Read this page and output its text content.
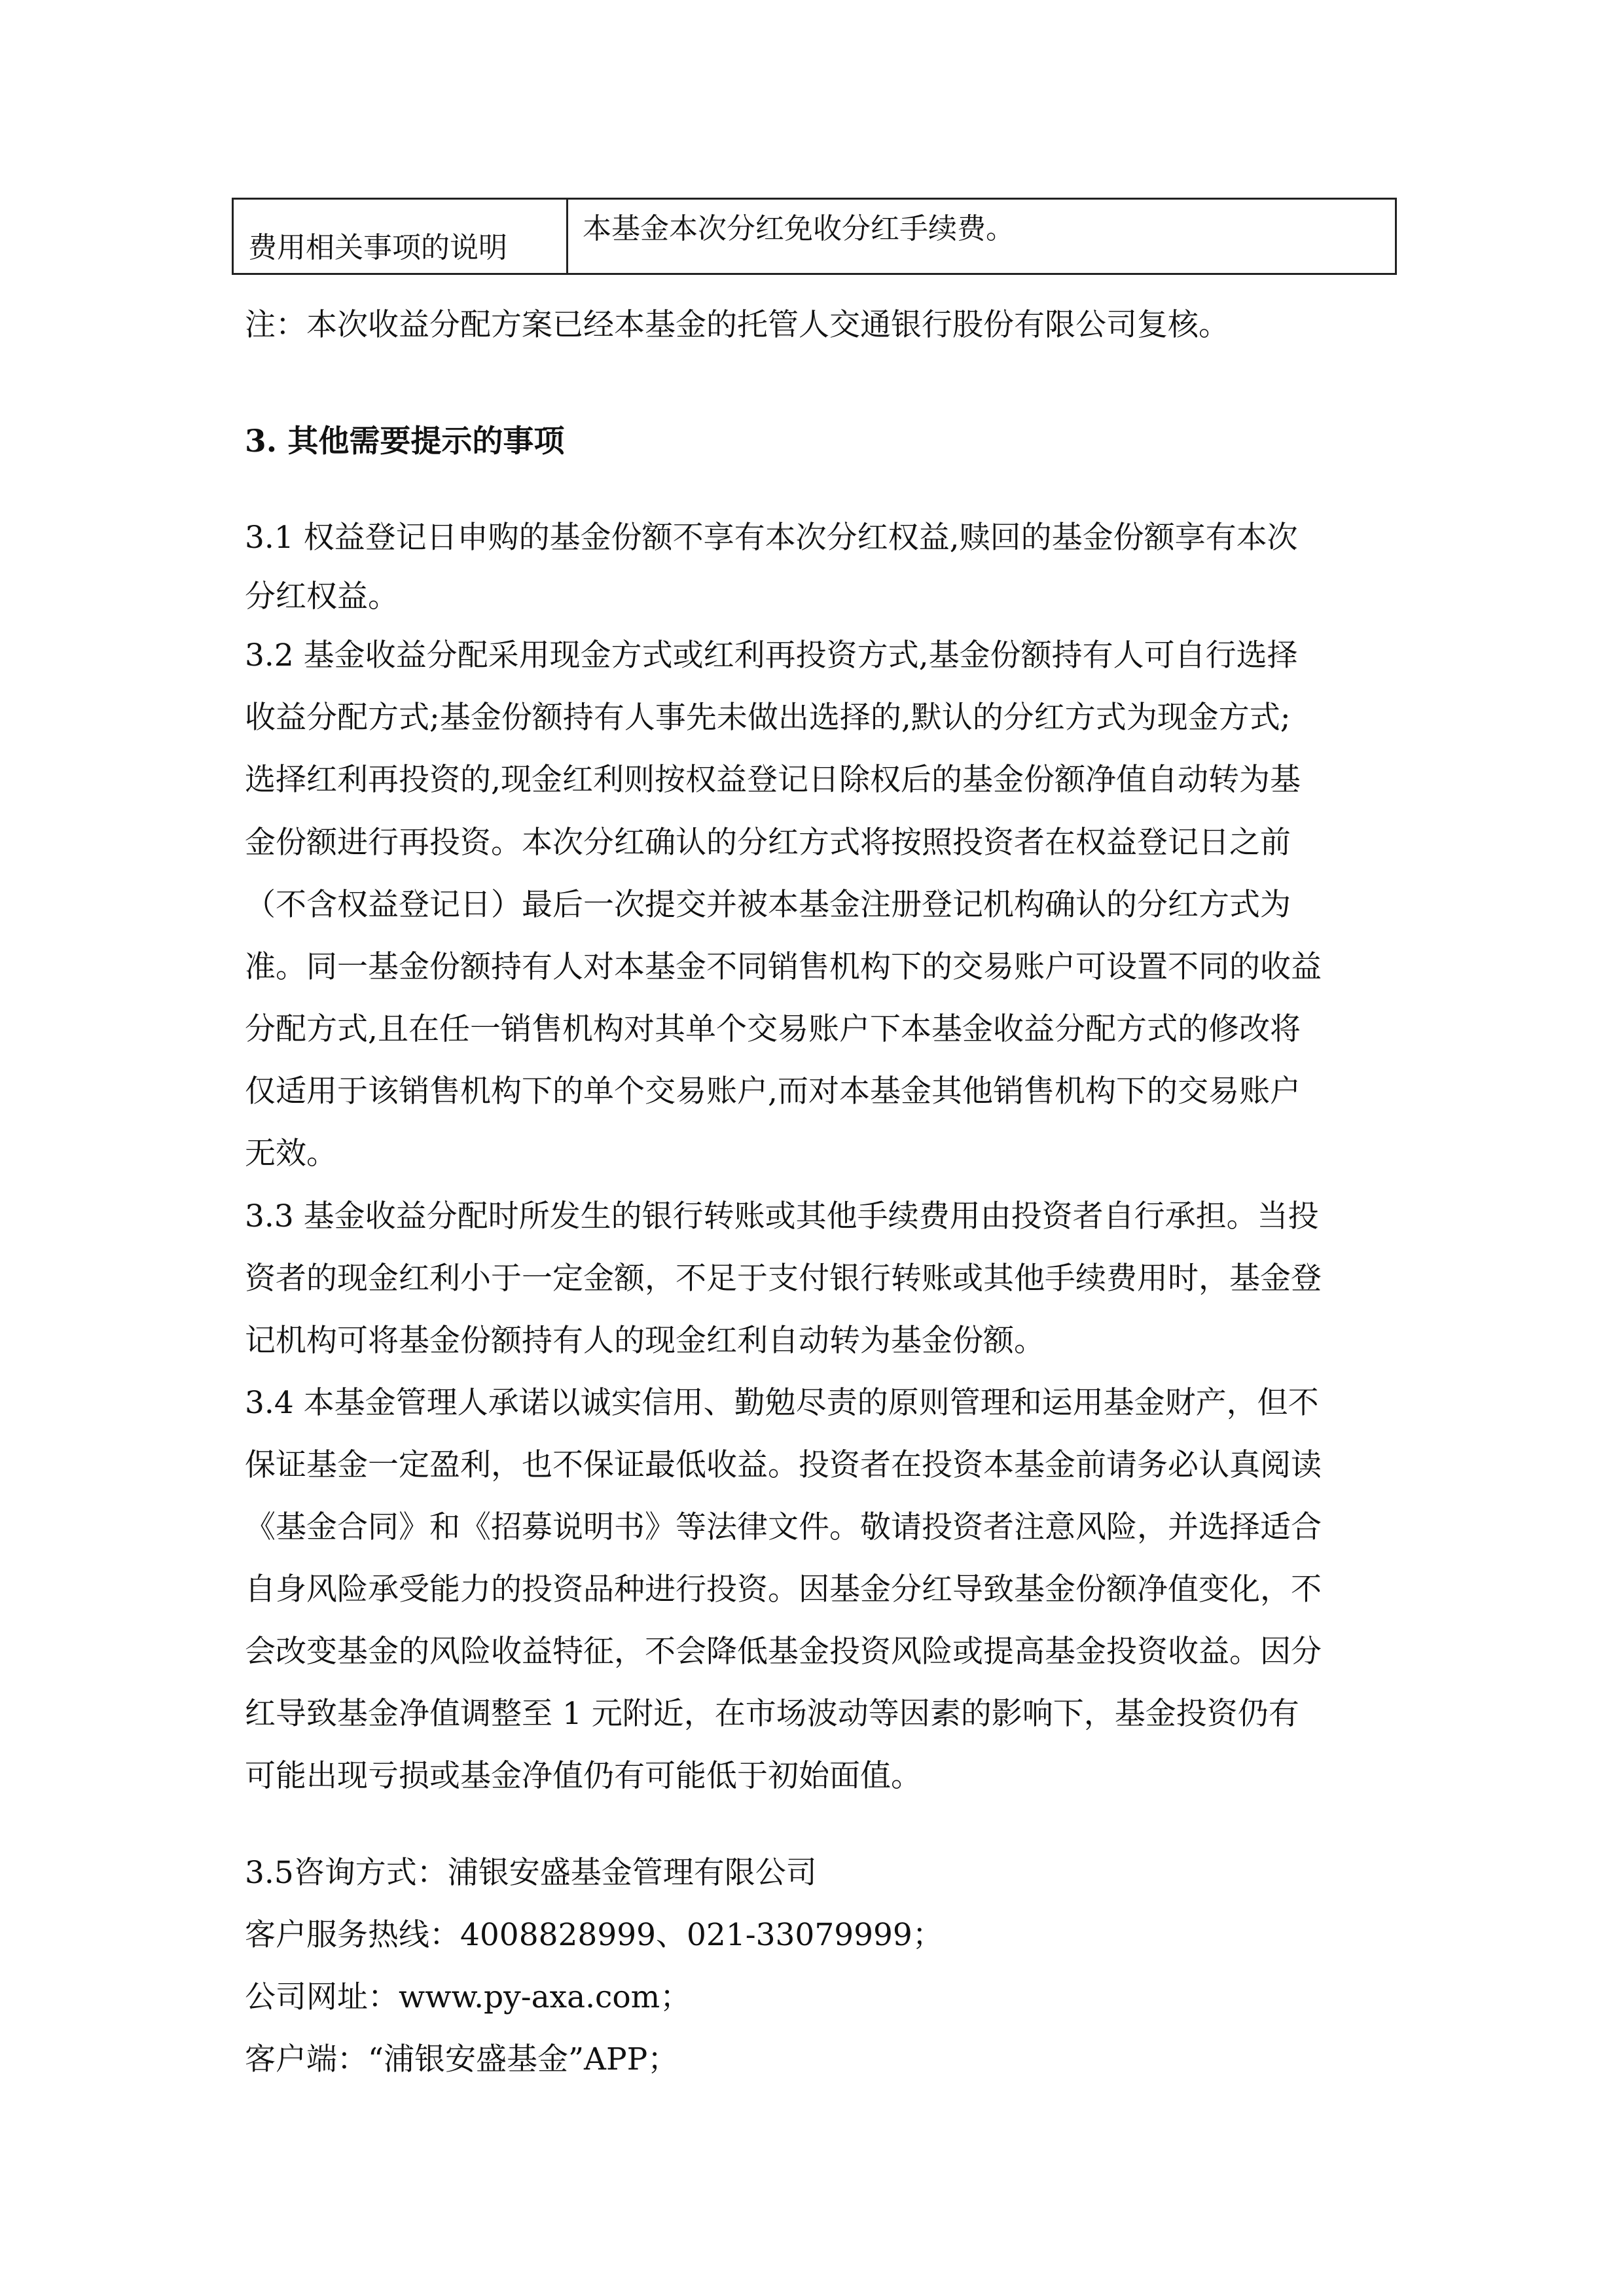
费用相关事项的说明	本基金本次分红免收分红手续费。
注：本次收益分配方案已经本基金的托管人交通银行股份有限公司复核。
3. 其他需要提示的事项
3.1 权益登记日申购的基金份额不享有本次分红权益,赎回的基金份额享有本次
分红权益。
3.2 基金收益分配采用现金方式或红利再投资方式,基金份额持有人可自行选择
收益分配方式;基金份额持有人事先未做出选择的,默认的分红方式为现金方式;
选择红利再投资的,现金红利则按权益登记日除权后的基金份额净值自动转为基
金份额进行再投资。本次分红确认的分红方式将按照投资者在权益登记日之前
（不含权益登记日）最后一次提交并被本基金注册登记机构确认的分红方式为
准。同一基金份额持有人对本基金不同销售机构下的交易账户可设置不同的收益
分配方式,且在任一销售机构对其单个交易账户下本基金收益分配方式的修改将
仅适用于该销售机构下的单个交易账户,而对本基金其他销售机构下的交易账户
无效。
3.3 基金收益分配时所发生的银行转账或其他手续费用由投资者自行承担。当投
资者的现金红利小于一定金额，不足于支付银行转账或其他手续费用时，基金登
记机构可将基金份额持有人的现金红利自动转为基金份额。
3.4 本基金管理人承诺以诚实信用、勤勉尽责的原则管理和运用基金财产，但不
保证基金一定盈利，也不保证最低收益。投资者在投资本基金前请务必认真阅读
《基金合同》和《招募说明书》等法律文件。敬请投资者注意风险，并选择适合
自身风险承受能力的投资品种进行投资。因基金分红导致基金份额净值变化，不
会改变基金的风险收益特征，不会降低基金投资风险或提高基金投资收益。因分
红导致基金净值调整至 1 元附近，在市场波动等因素的影响下，基金投资仍有
可能出现亏损或基金净值仍有可能低于初始面值。
3.5咨询方式：浦银安盛基金管理有限公司
客户服务热线：4008828999、021-33079999；
公司网址：www.py-axa.com；
客户端：“浦银安盛基金”APP；
